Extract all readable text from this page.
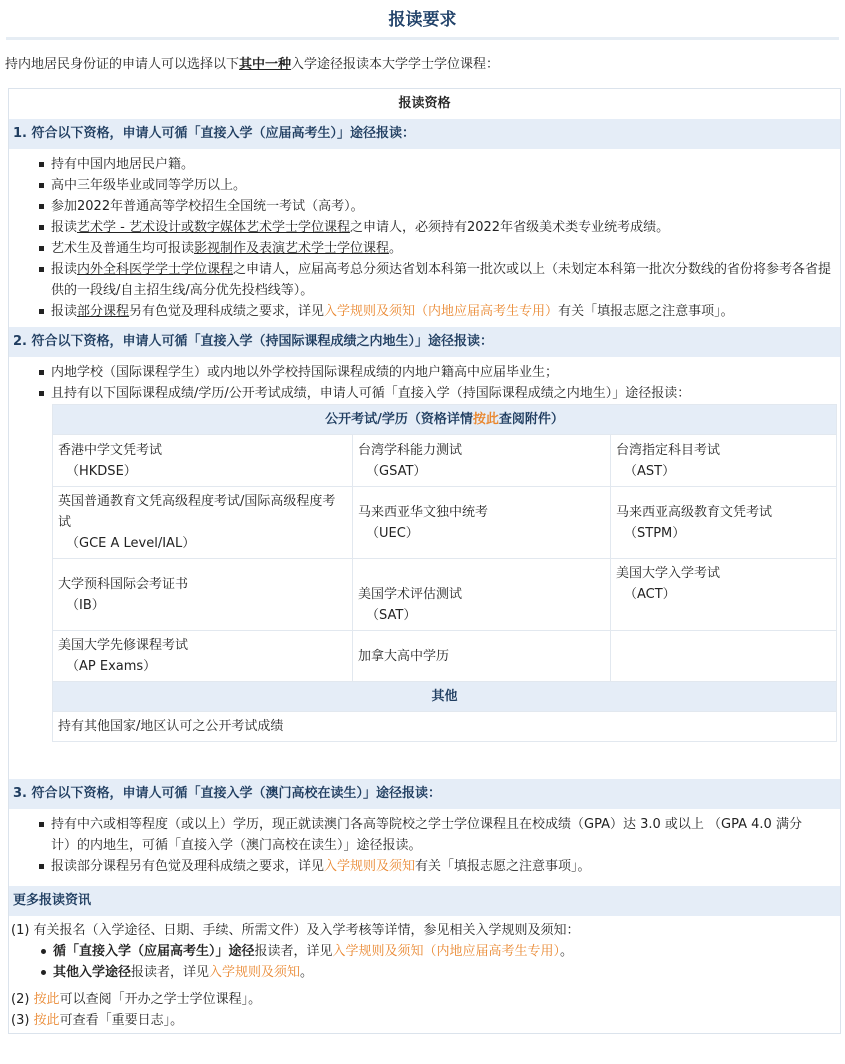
报读要求
持内地居民身份证的申请人可以选择以下其中一种入学途径报读本大学学士学位课程：
报读资格
1. 符合以下资格，申请人可循「直接入学（应届高考生）」途径报读：
持有中国内地居民户籍。
高中三年级毕业或同等学历以上。
参加2022年普通高等学校招生全国统一考试（高考）。
报读艺术学 - 艺术设计或数字媒体艺术学士学位课程之申请人，必须持有2022年省级美术类专业统考成绩。
艺术生及普通生均可报读影视制作及表演艺术学士学位课程。
报读内外全科医学学士学位课程之申请人，应届高考总分须达省划本科第一批次或以上（未划定本科第一批次分数线的省份将参考各省提供的一段线/自主招生线/高分优先投档线等）。
报读部分课程另有色觉及理科成绩之要求，详见入学规则及须知（内地应届高考生专用）有关「填报志愿之注意事项」。
2. 符合以下资格，申请人可循「直接入学（持国际课程成绩之内地生）」途径报读：
内地学校（国际课程学生）或内地以外学校持国际课程成绩的内地户籍高中应届毕业生；
且持有以下国际课程成绩/学历/公开考试成绩，申请人可循「直接入学（持国际课程成绩之内地生）」途径报读：
公开考试/学历（资格详情按此查阅附件）		
香港中学文凭考试
（HKDSE）	台湾学科能力测试
（GSAT）	台湾指定科目考试
（AST）

英国普通教育文凭高级程度考试/国际高级程度考试
（GCE A Level/IAL）	马来西亚华文独中统考
（UEC）	马来西亚高级教育文凭考试
（STPM）

大学预科国际会考证书
（IB）	美国学术评估测试
（SAT）	美国大学入学考试
（ACT）

美国大学先修课程考试
（AP Exams）	加拿大高中学历	
其他		
持有其他国家/地区认可之公开考试成绩		
3. 符合以下资格，申请人可循「直接入学（澳门高校在读生）」途径报读：
持有中六或相等程度（或以上）学历，现正就读澳门各高等院校之学士学位课程且在校成绩（GPA）达 3.0 或以上 （GPA 4.0 满分计）的内地生，可循「直接入学（澳门高校在读生）」途径报读。
报读部分课程另有色觉及理科成绩之要求，详见入学规则及须知有关「填报志愿之注意事项」。
更多报读资讯
(1) 有关报名（入学途径、日期、手续、所需文件）及入学考核等详情，参见相关入学规则及须知：
循「直接入学（应届高考生）」途径报读者，详见入学规则及须知（内地应届高考生专用）。
其他入学途径报读者，详见入学规则及须知。
(2) 按此可以查阅「开办之学士学位课程」。
(3) 按此可查看「重要日志」。
